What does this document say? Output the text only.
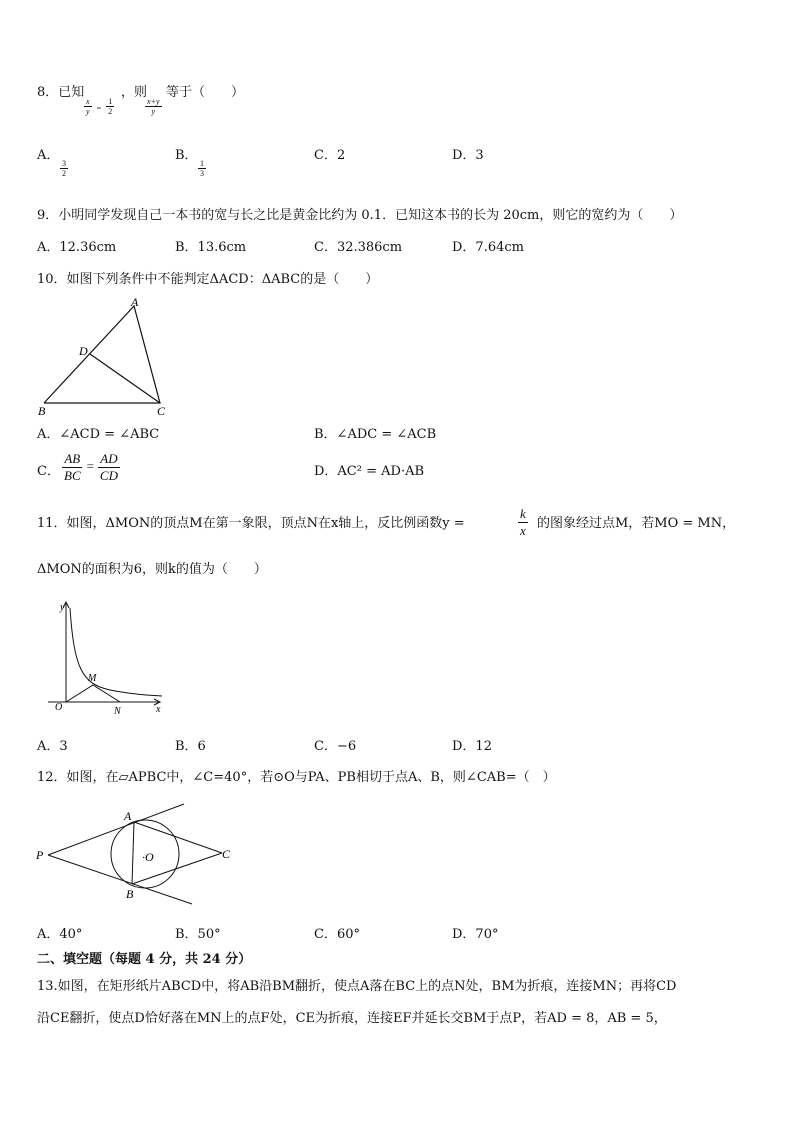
8．已知
$\frac{x}{y} = \frac{1}{2}$
，则
$\frac{x+y}{y}$
等于（　　）
A．
$\frac{3}{2}$
B．
$\frac{1}{3}$
C．2	D．3
9．小明同学发现自己一本书的宽与长之比是黄金比约为 0.1．已知这本书的长为 20cm，则它的宽约为（　　）
A．12.36cm	B．13.6cm	C．32.386cm	D．7.64cm
10．如图下列条件中不能判定ΔACD：ΔABC的是（　　）
A
D
B	C
A．∠ACD = ∠ABC	B．∠ADC = ∠ACB
C． $\frac{AB}{BC} = \frac{AD}{CD}$	D．AC² = AD·AB
11．如图，ΔMON的顶点M在第一象限，顶点N在x轴上，反比例函数y =	$\frac{k}{x}$ 的图象经过点M，若MO = MN，
ΔMON的面积为6，则k的值为（　　）
y
x
O
M
N
A．3	B．6	C．−6	D．12
12．如图，在▱APBC中，∠C=40°，若⊙O与PA、PB相切于点A、B，则∠CAB=（　）
A
B
C
P	·O
A．40°	B．50°	C．60°	D．70°
二、填空题（每题 4 分，共 24 分）
13.如图，在矩形纸片ABCD中，将AB沿BM翻折，使点A落在BC上的点N处，BM为折痕，连接MN；再将CD
沿CE翻折，使点D恰好落在MN上的点F处，CE为折痕，连接EF并延长交BM于点P，若AD = 8，AB = 5，
